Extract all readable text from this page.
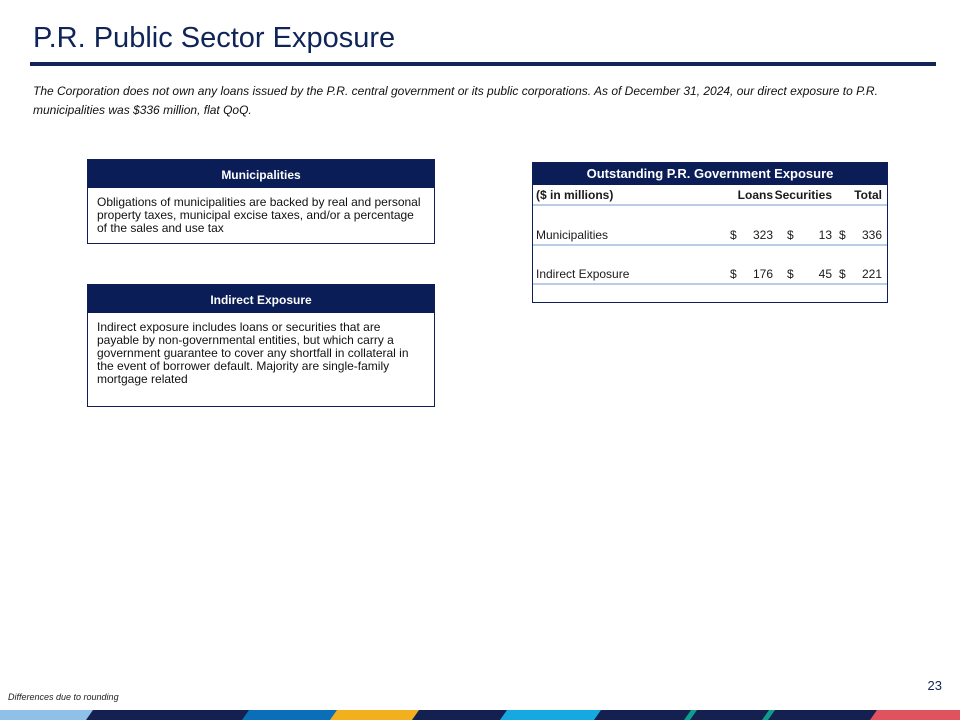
P.R. Public Sector Exposure
The Corporation does not own any loans issued by the P.R. central government or its public corporations. As of December 31, 2024, our direct exposure to P.R. municipalities was $336 million, flat QoQ.
Municipalities
Obligations of municipalities are backed by real and personal property taxes, municipal excise taxes, and/or a percentage of the sales and use tax
Indirect Exposure
Indirect exposure includes loans or securities that are payable by non-governmental entities, but which carry a government guarantee to cover any shortfall in collateral in the event of borrower default. Majority are single-family mortgage related
Outstanding P.R. Government Exposure
($ in millions)	Loans Securities Total
Municipalities	$ 323 $ 13 $ 336
Indirect Exposure	$ 176 $ 45 $ 221
23
Differences due to rounding
